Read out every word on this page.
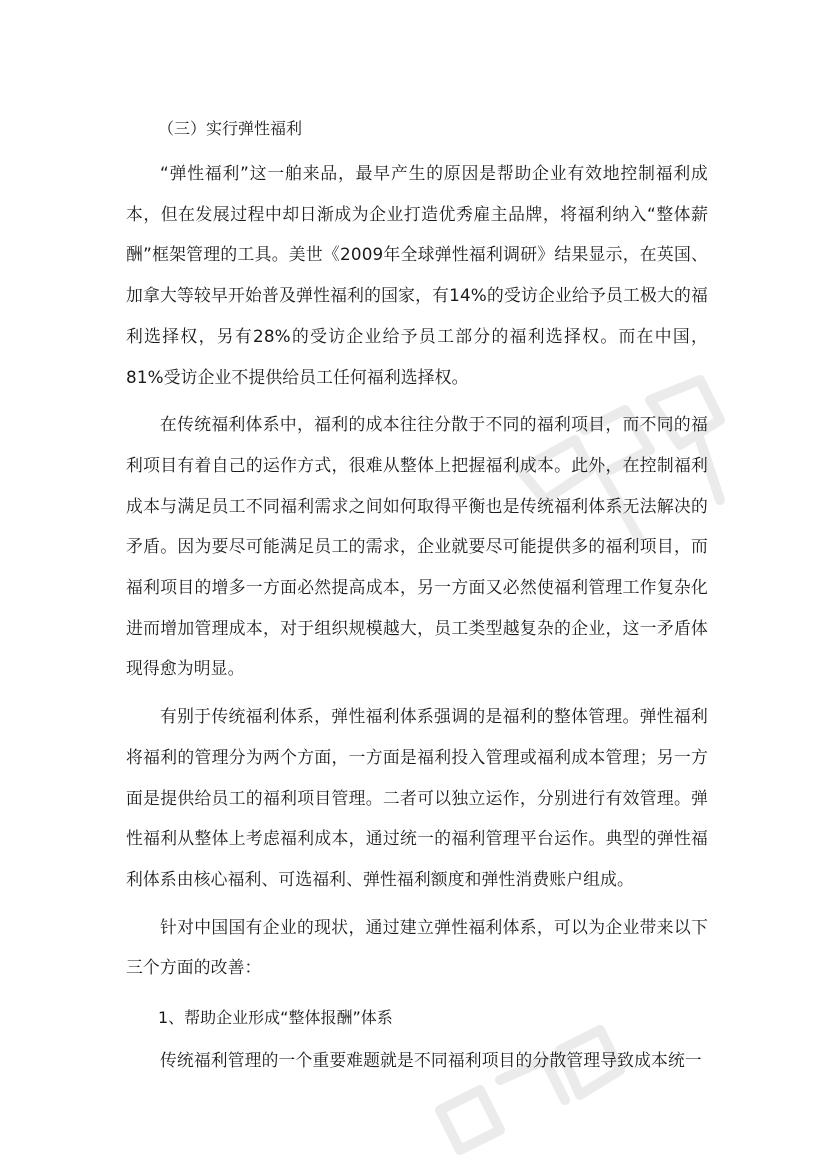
（三）实行弹性福利

“弹性福利”这一舶来品，最早产生的原因是帮助企业有效地控制福利成本，但在发展过程中却日渐成为企业打造优秀雇主品牌，将福利纳入“整体薪酬”框架管理的工具。美世《2009年全球弹性福利调研》结果显示，在英国、加拿大等较早开始普及弹性福利的国家，有14%的受访企业给予员工极大的福利选择权，另有28%的受访企业给予员工部分的福利选择权。而在中国，81%受访企业不提供给员工任何福利选择权。

在传统福利体系中，福利的成本往往分散于不同的福利项目，而不同的福利项目有着自己的运作方式，很难从整体上把握福利成本。此外，在控制福利成本与满足员工不同福利需求之间如何取得平衡也是传统福利体系无法解决的矛盾。因为要尽可能满足员工的需求，企业就要尽可能提供多的福利项目，而福利项目的增多一方面必然提高成本，另一方面又必然使福利管理工作复杂化进而增加管理成本，对于组织规模越大，员工类型越复杂的企业，这一矛盾体现得愈为明显。

有别于传统福利体系，弹性福利体系强调的是福利的整体管理。弹性福利将福利的管理分为两个方面，一方面是福利投入管理或福利成本管理；另一方面是提供给员工的福利项目管理。二者可以独立运作，分别进行有效管理。弹性福利从整体上考虑福利成本，通过统一的福利管理平台运作。典型的弹性福利体系由核心福利、可选福利、弹性福利额度和弹性消费账户组成。

针对中国国有企业的现状，通过建立弹性福利体系，可以为企业带来以下三个方面的改善：

1、帮助企业形成“整体报酬”体系

传统福利管理的一个重要难题就是不同福利项目的分散管理导致成本统一
